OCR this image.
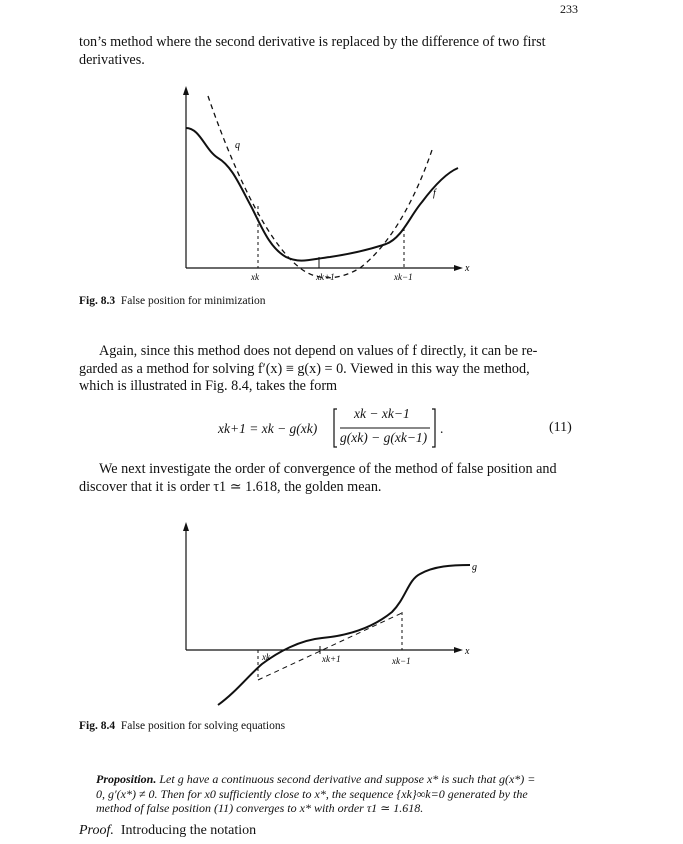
233
ton’s method where the second derivative is replaced by the difference of two first
derivatives.
q
f
x
xk	xk+1	xk−1
Fig. 8.3 False position for minimization
Again, since this method does not depend on values of f directly, it can be re-
garded as a method for solving f′(x) ≡ g(x) = 0. Viewed in this way the method,
which is illustrated in Fig. 8.4, takes the form
xk+1 = xk − g(xk)
xk − xk−1
g(xk) − g(xk−1)
.	(11)
We next investigate the order of convergence of the method of false position and
discover that it is order τ1 ≃ 1.618, the golden mean.
g
x
xk	xk+1	xk−1
Fig. 8.4 False position for solving equations
Proposition. Let g have a continuous second derivative and suppose x* is such that g(x*) =
0, g′(x*) ≠ 0. Then for x0 sufficiently close to x*, the sequence {xk}∞k=0 generated by the
method of false position (11) converges to x* with order τ1 ≃ 1.618.
Proof. Introducing the notation
